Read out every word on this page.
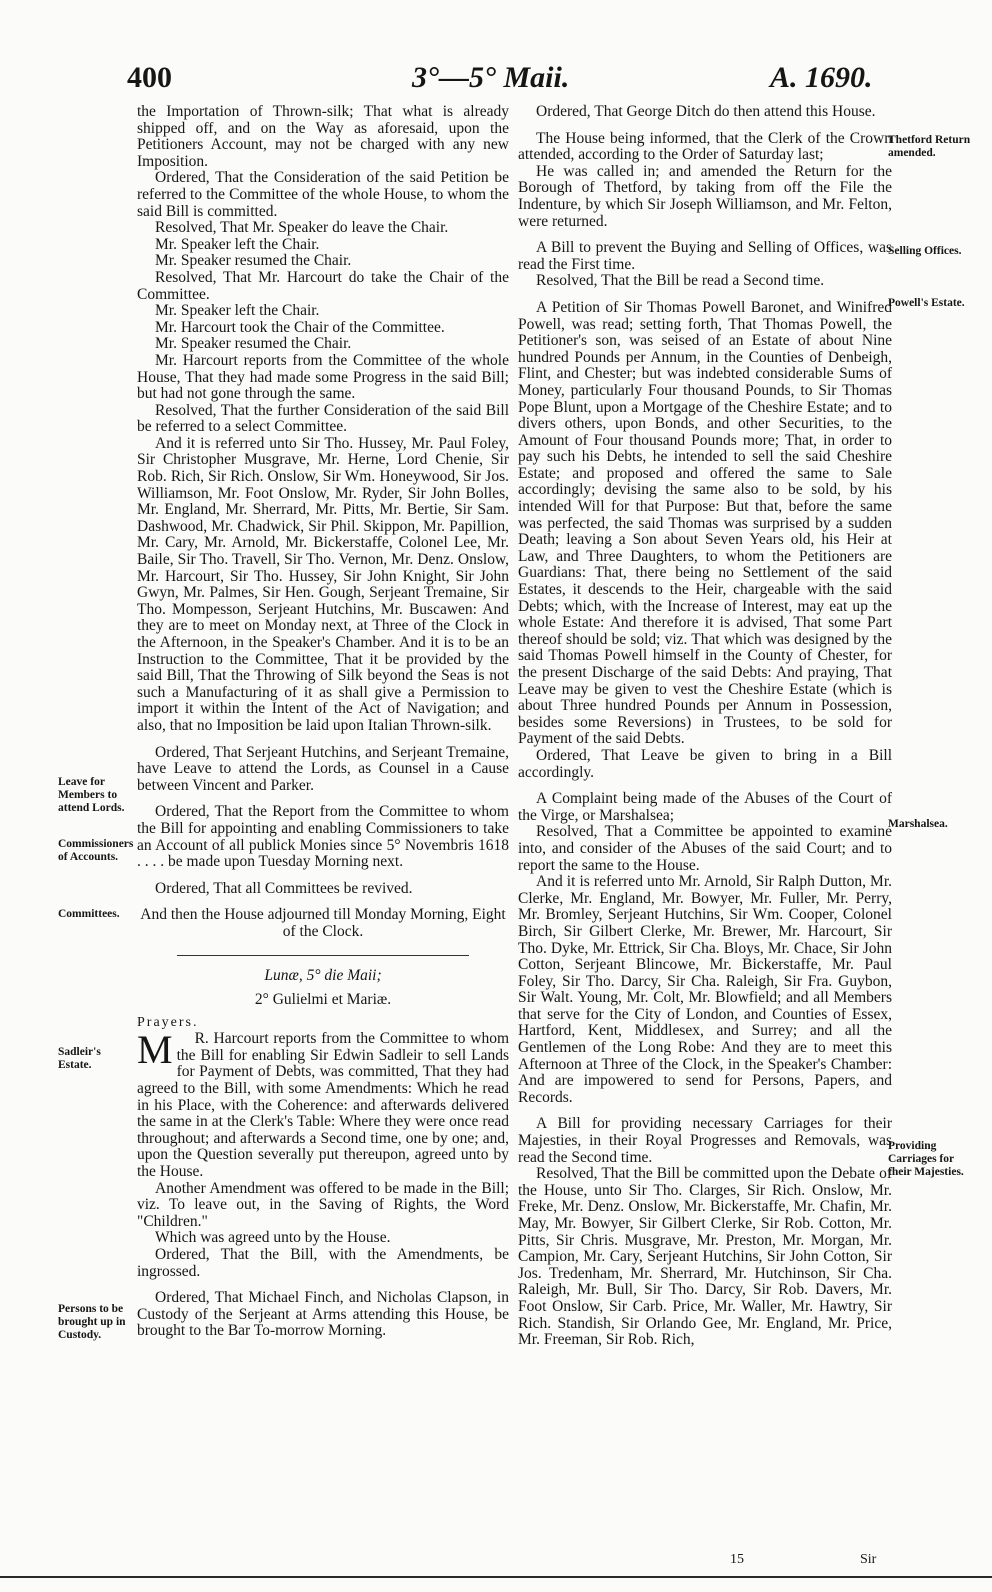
400	3°—5° Maii.	A. 1690.

the Importation of Thrown-silk; That what is already shipped off, and on the Way as aforesaid, upon the Petitioners Account, may not be charged with any new Imposition.

Ordered, That the Consideration of the said Petition be referred to the Committee of the whole House, to whom the said Bill is committed.

Resolved, That Mr. Speaker do leave the Chair.

Mr. Speaker left the Chair.

Mr. Speaker resumed the Chair.

Resolved, That Mr. Harcourt do take the Chair of the Committee.

Mr. Speaker left the Chair.

Mr. Harcourt took the Chair of the Committee.

Mr. Speaker resumed the Chair.

Mr. Harcourt reports from the Committee of the whole House, That they had made some Progress in the said Bill; but had not gone through the same.

Resolved, That the further Consideration of the said Bill be referred to a select Committee.

And it is referred unto Sir Tho. Hussey, Mr. Paul Foley, Sir Christopher Musgrave, Mr. Herne, Lord Chenie, Sir Rob. Rich, Sir Rich. Onslow, Sir Wm. Honeywood, Sir Jos. Williamson, Mr. Foot Onslow, Mr. Ryder, Sir John Bolles, Mr. England, Mr. Sherrard, Mr. Pitts, Mr. Bertie, Sir Sam. Dashwood, Mr. Chadwick, Sir Phil. Skippon, Mr. Papillion, Mr. Cary, Mr. Arnold, Mr. Bickerstaffe, Colonel Lee, Mr. Baile, Sir Tho. Travell, Sir Tho. Vernon, Mr. Denz. Onslow, Mr. Harcourt, Sir Tho. Hussey, Sir John Knight, Sir John Gwyn, Mr. Palmes, Sir Hen. Gough, Serjeant Tremaine, Sir Tho. Mompesson, Serjeant Hutchins, Mr. Buscawen: And they are to meet on Monday next, at Three of the Clock in the Afternoon, in the Speaker's Chamber. And it is to be an Instruction to the Committee, That it be provided by the said Bill, That the Throwing of Silk beyond the Seas is not such a Manufacturing of it as shall give a Permission to import it within the Intent of the Act of Navigation; and also, that no Imposition be laid upon Italian Thrown-silk.

Ordered, That Serjeant Hutchins, and Serjeant Tremaine, have Leave to attend the Lords, as Counsel in a Cause between Vincent and Parker.

Ordered, That the Report from the Committee to whom the Bill for appointing and enabling Commissioners to take an Account of all publick Monies since 5° Novembris 1618 . . . . be made upon Tuesday Morning next.

Ordered, That all Committees be revived.

And then the House adjourned till Monday Morning, Eight of the Clock.

Lunæ, 5° die Maii;

2° Gulielmi et Mariæ.

Prayers.

M R. Harcourt reports from the Committee to whom the Bill for enabling Sir Edwin Sadleir to sell Lands for Payment of Debts, was committed, That they had agreed to the Bill, with some Amendments: Which he read in his Place, with the Coherence: and afterwards delivered the same in at the Clerk's Table: Where they were once read throughout; and afterwards a Second time, one by one; and, upon the Question severally put thereupon, agreed unto by the House.

Another Amendment was offered to be made in the Bill; viz. To leave out, in the Saving of Rights, the Word "Children."

Which was agreed unto by the House.

Ordered, That the Bill, with the Amendments, be ingrossed.

Ordered, That Michael Finch, and Nicholas Clapson, in Custody of the Serjeant at Arms attending this House, be brought to the Bar To-morrow Morning.

Leave for Members to attend Lords.
Commissioners of Accounts.
Committees.
Sadleir's Estate.
Persons to be brought up in Custody.

Ordered, That George Ditch do then attend this House.

The House being informed, that the Clerk of the Crown attended, according to the Order of Saturday last;

He was called in; and amended the Return for the Borough of Thetford, by taking from off the File the Indenture, by which Sir Joseph Williamson, and Mr. Felton, were returned.

A Bill to prevent the Buying and Selling of Offices, was read the First time.

Resolved, That the Bill be read a Second time.

A Petition of Sir Thomas Powell Baronet, and Winifred Powell, was read; setting forth, That Thomas Powell, the Petitioner's son, was seised of an Estate of about Nine hundred Pounds per Annum, in the Counties of Denbeigh, Flint, and Chester; but was indebted considerable Sums of Money, particularly Four thousand Pounds, to Sir Thomas Pope Blunt, upon a Mortgage of the Cheshire Estate; and to divers others, upon Bonds, and other Securities, to the Amount of Four thousand Pounds more; That, in order to pay such his Debts, he intended to sell the said Cheshire Estate; and proposed and offered the same to Sale accordingly; devising the same also to be sold, by his intended Will for that Purpose: But that, before the same was perfected, the said Thomas was surprised by a sudden Death; leaving a Son about Seven Years old, his Heir at Law, and Three Daughters, to whom the Petitioners are Guardians: That, there being no Settlement of the said Estates, it descends to the Heir, chargeable with the said Debts; which, with the Increase of Interest, may eat up the whole Estate: And therefore it is advised, That some Part thereof should be sold; viz. That which was designed by the said Thomas Powell himself in the County of Chester, for the present Discharge of the said Debts: And praying, That Leave may be given to vest the Cheshire Estate (which is about Three hundred Pounds per Annum in Possession, besides some Reversions) in Trustees, to be sold for Payment of the said Debts.

Ordered, That Leave be given to bring in a Bill accordingly.

A Complaint being made of the Abuses of the Court of the Virge, or Marshalsea;

Resolved, That a Committee be appointed to examine into, and consider of the Abuses of the said Court; and to report the same to the House.

And it is referred unto Mr. Arnold, Sir Ralph Dutton, Mr. Clerke, Mr. England, Mr. Bowyer, Mr. Fuller, Mr. Perry, Mr. Bromley, Serjeant Hutchins, Sir Wm. Cooper, Colonel Birch, Sir Gilbert Clerke, Mr. Brewer, Mr. Harcourt, Sir Tho. Dyke, Mr. Ettrick, Sir Cha. Bloys, Mr. Chace, Sir John Cotton, Serjeant Blincowe, Mr. Bickerstaffe, Mr. Paul Foley, Sir Tho. Darcy, Sir Cha. Raleigh, Sir Fra. Guybon, Sir Walt. Young, Mr. Colt, Mr. Blowfield; and all Members that serve for the City of London, and Counties of Essex, Hartford, Kent, Middlesex, and Surrey; and all the Gentlemen of the Long Robe: And they are to meet this Afternoon at Three of the Clock, in the Speaker's Chamber: And are impowered to send for Persons, Papers, and Records.

A Bill for providing necessary Carriages for their Majesties, in their Royal Progresses and Removals, was read the Second time.

Resolved, That the Bill be committed upon the Debate of the House, unto Sir Tho. Clarges, Sir Rich. Onslow, Mr. Freke, Mr. Denz. Onslow, Mr. Bickerstaffe, Mr. Chafin, Mr. May, Mr. Bowyer, Sir Gilbert Clerke, Sir Rob. Cotton, Mr. Pitts, Sir Chris. Musgrave, Mr. Preston, Mr. Morgan, Mr. Campion, Mr. Cary, Serjeant Hutchins, Sir John Cotton, Sir Jos. Tredenham, Mr. Sherrard, Mr. Hutchinson, Sir Cha. Raleigh, Mr. Bull, Sir Tho. Darcy, Sir Rob. Davers, Mr. Foot Onslow, Sir Carb. Price, Mr. Waller, Mr. Hawtry, Sir Rich. Standish, Sir Orlando Gee, Mr. England, Mr. Price, Mr. Freeman, Sir Rob. Rich,

Thetford Return amended.
Selling Offices.
Powell's Estate.
Marshalsea.
Providing Carriages for their Majesties.
15	Sir
